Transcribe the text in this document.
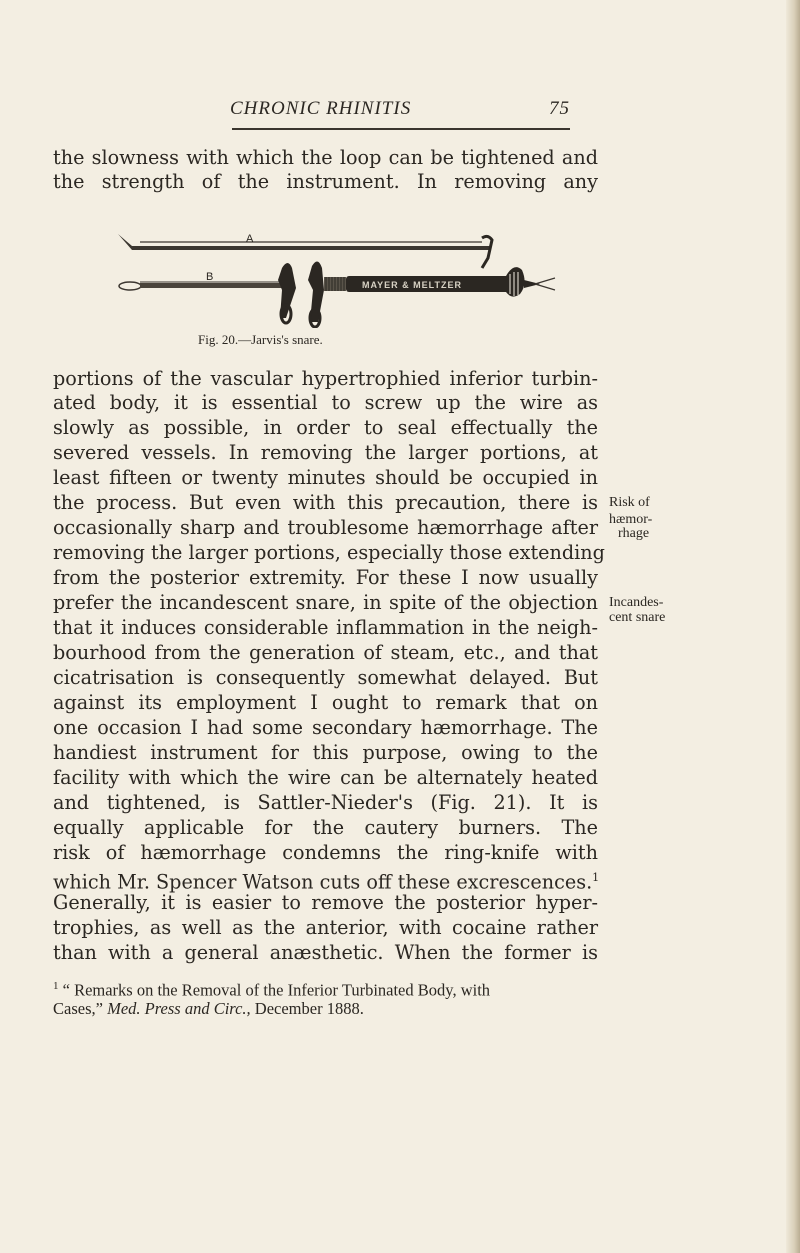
CHRONIC RHINITIS	75
the slowness with which the loop can be tightened and
the strength of the instrument. In removing any
MAYER & MELTZER
A
B
Fig. 20.—Jarvis's snare.
portions of the vascular hypertrophied inferior turbin-
ated body, it is essential to screw up the wire as
slowly as possible, in order to seal effectually the
severed vessels. In removing the larger portions, at
least fifteen or twenty minutes should be occupied in
the process. But even with this precaution, there is
occasionally sharp and troublesome hæmorrhage after
removing the larger portions, especially those extending
from the posterior extremity. For these I now usually
prefer the incandescent snare, in spite of the objection
that it induces considerable inflammation in the neigh-
bourhood from the generation of steam, etc., and that
cicatrisation is consequently somewhat delayed. But
against its employment I ought to remark that on
one occasion I had some secondary hæmorrhage. The
handiest instrument for this purpose, owing to the
facility with which the wire can be alternately heated
and tightened, is Sattler-Nieder's (Fig. 21). It is
equally applicable for the cautery burners. The
risk of hæmorrhage condemns the ring-knife with
which Mr. Spencer Watson cuts off these excrescences.$^1$
Generally, it is easier to remove the posterior hyper-
trophies, as well as the anterior, with cocaine rather
than with a general anæsthetic. When the former is
Risk of
hæmor-
rhage
Incandes-
cent snare
$^1$ “ Remarks on the Removal of the Inferior Turbinated Body, with
Cases,” Med. Press and Circ., December 1888.
